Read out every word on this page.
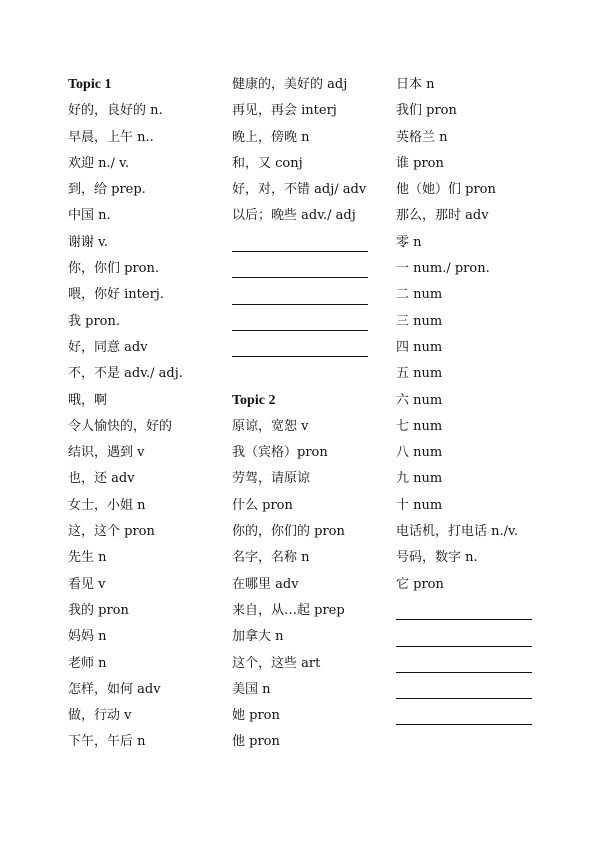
Topic 1
好的，良好的 n.
早晨，上午 n..
欢迎 n./ v.
到，给 prep.
中国 n.
谢谢 v.
你，你们 pron.
喂，你好 interj.
我 pron.
好，同意 adv
不，不是 adv./ adj.
哦，啊
令人愉快的，好的
结识，遇到 v
也，还 adv
女士，小姐 n
这，这个 pron
先生 n
看见 v
我的 pron
妈妈 n
老师 n
怎样，如何 adv
做，行动 v
下午，午后 n
健康的，美好的 adj
再见，再会 interj
晚上，傍晚 n
和，又 conj
好，对，不错 adj/ adv
以后；晚些 adv./ adj
Topic 2
原谅，宽恕 v
我（宾格）pron
劳驾，请原谅
什么 pron
你的，你们的 pron
名字，名称 n
在哪里 adv
来自，从…起 prep
加拿大 n
这个，这些 art
美国 n
她 pron
他 pron
日本 n
我们 pron
英格兰 n
谁 pron
他（她）们 pron
那么，那时 adv
零 n
一 num./ pron.
二 num
三 num
四 num
五 num
六 num
七 num
八 num
九 num
十 num
电话机，打电话 n./v.
号码，数字 n.
它 pron
